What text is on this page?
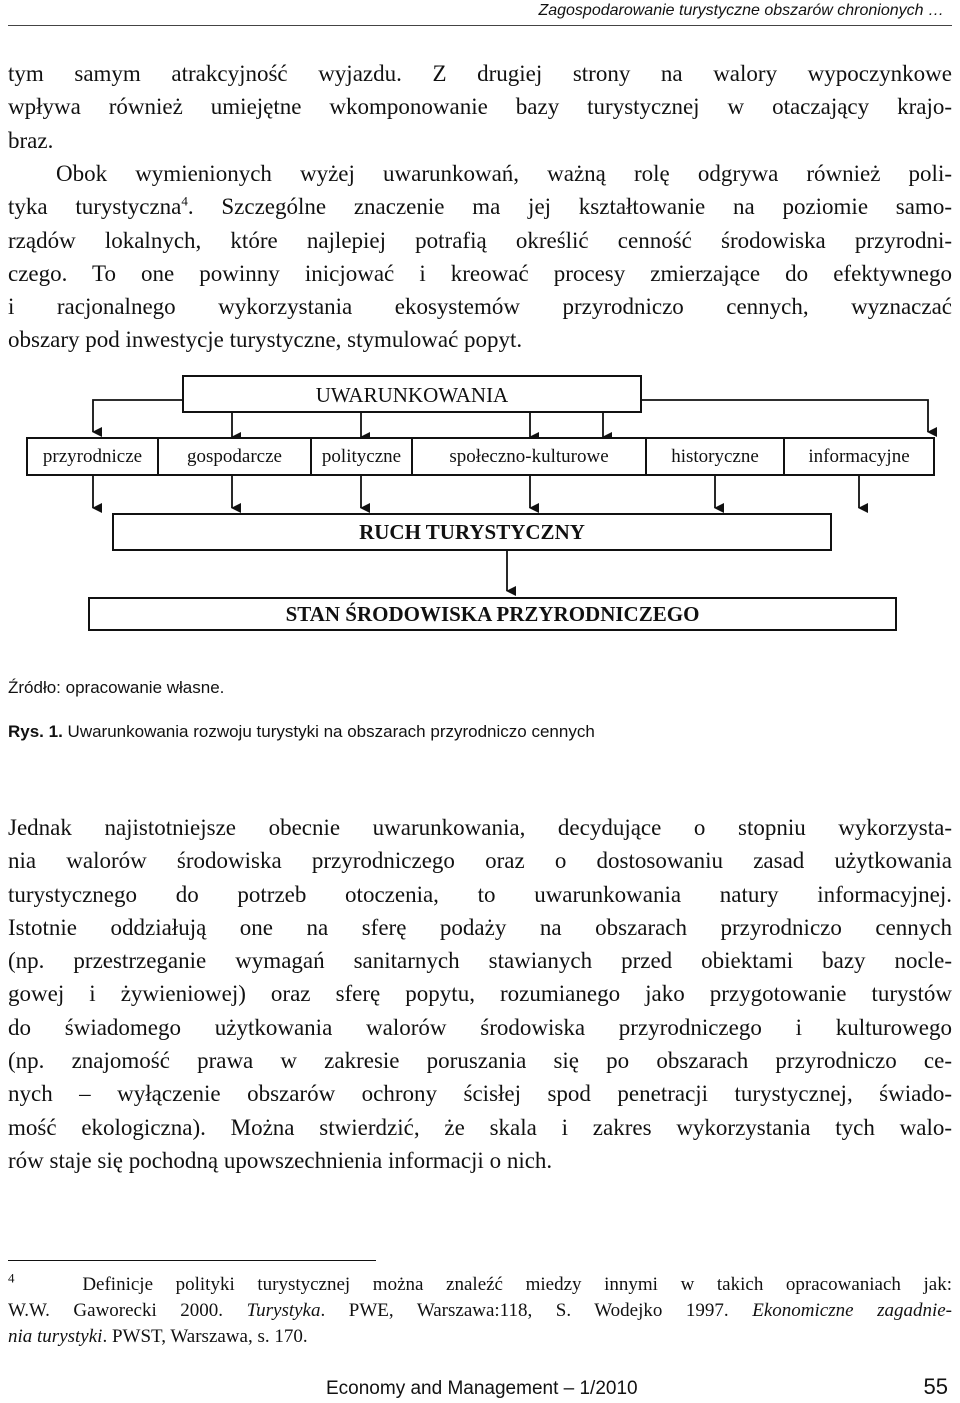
Zagospodarowanie turystyczne obszarów chronionych …
tym samym atrakcyjność wyjazdu. Z drugiej strony na walory wypoczynkowe
wpływa również umiejętne wkomponowanie bazy turystycznej w otaczający krajo-
braz.
Obok wymienionych wyżej uwarunkowań, ważną rolę odgrywa również poli-
tyka turystyczna$^4$. Szczególne znaczenie ma jej kształtowanie na poziomie samo-
rządów lokalnych, które najlepiej potrafią określić cenność środowiska przyrodni-
czego. To one powinny inicjować i kreować procesy zmierzające do efektywnego
i racjonalnego wykorzystania ekosystemów przyrodniczo cennych, wyznaczać
obszary pod inwestycje turystyczne, stymulować popyt.
UWARUNKOWANIA
przyrodnicze	gospodarcze	polityczne	społeczno-kulturowe	historyczne	informacyjne
RUCH TURYSTYCZNY
STAN ŚRODOWISKA PRZYRODNICZEGO
Źródło: opracowanie własne.
Rys. 1. Uwarunkowania rozwoju turystyki na obszarach przyrodniczo cennych
Jednak najistotniejsze obecnie uwarunkowania, decydujące o stopniu wykorzysta-
nia walorów środowiska przyrodniczego oraz o dostosowaniu zasad użytkowania
turystycznego do potrzeb otoczenia, to uwarunkowania natury informacyjnej.
Istotnie oddziałują one na sferę podaży na obszarach przyrodniczo cennych
(np. przestrzeganie wymagań sanitarnych stawianych przed obiektami bazy nocle-
gowej i żywieniowej) oraz sferę popytu, rozumianego jako przygotowanie turystów
do świadomego użytkowania walorów środowiska przyrodniczego i kulturowego
(np. znajomość prawa w zakresie poruszania się po obszarach przyrodniczo ce-
nych – wyłączenie obszarów ochrony ścisłej spod penetracji turystycznej, świado-
mość ekologiczna). Można stwierdzić, że skala i zakres wykorzystania tych walo-
rów staje się pochodną upowszechnienia informacji o nich.
$^4$	Definicje polityki turystycznej można znaleźć miedzy innymi w takich opracowaniach jak:
W.W. Gaworecki 2000. Turystyka. PWE, Warszawa:118, S. Wodejko 1997. Ekonomiczne zagadnie-
nia turystyki. PWST, Warszawa, s. 170.
Economy and Management – 1/2010	55
